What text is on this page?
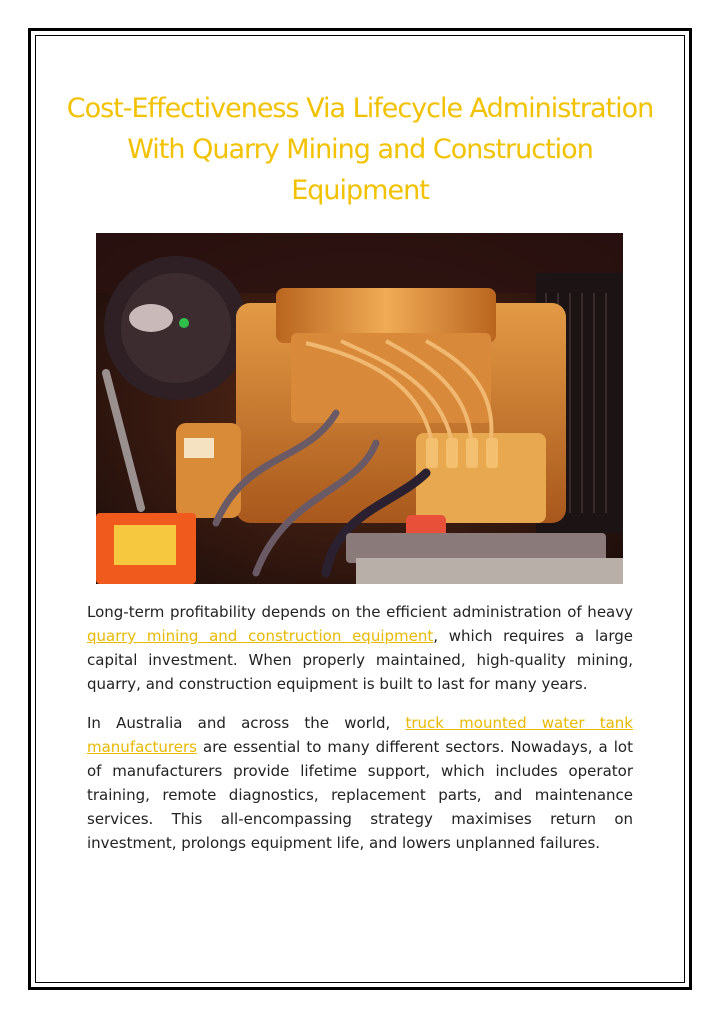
Cost-Effectiveness Via Lifecycle Administration With Quarry Mining and Construction Equipment

Long-term profitability depends on the efficient administration of heavy quarry mining and construction equipment, which requires a large capital investment. When properly maintained, high-quality mining, quarry, and construction equipment is built to last for many years.

In Australia and across the world, truck mounted water tank manufacturers are essential to many different sectors. Nowadays, a lot of manufacturers provide lifetime support, which includes operator training, remote diagnostics, replacement parts, and maintenance services. This all-encompassing strategy maximises return on investment, prolongs equipment life, and lowers unplanned failures.
